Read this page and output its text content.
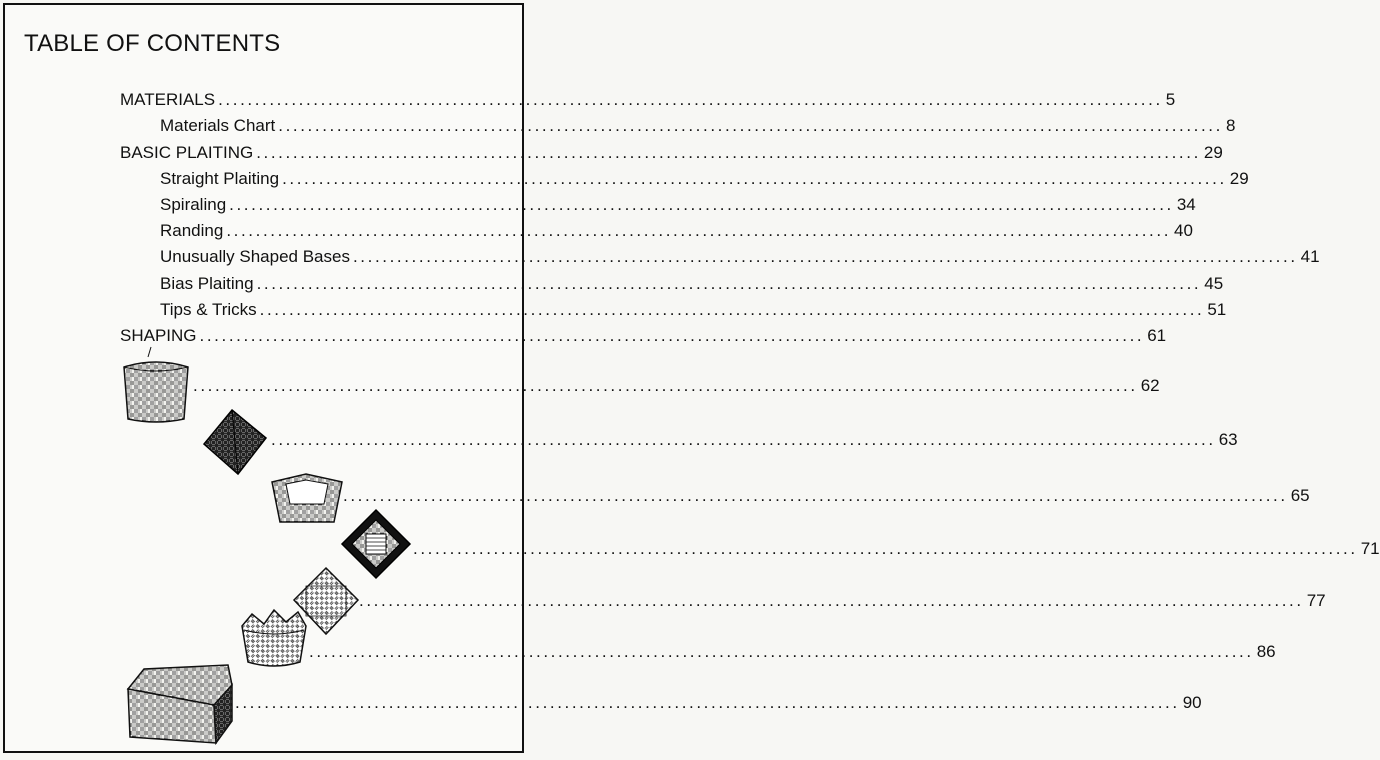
TABLE OF CONTENTS
MATERIALS ................................................................................................................................. 5
Materials Chart ................................................................................................................................. 8
BASIC PLAITING ................................................................................................................................. 29
Straight Plaiting ................................................................................................................................. 29
Spiraling ................................................................................................................................. 34
Randing ................................................................................................................................. 40
Unusually Shaped Bases ................................................................................................................................. 41
Bias Plaiting ................................................................................................................................. 45
Tips & Tricks ................................................................................................................................. 51
SHAPING ................................................................................................................................. 61
................................................................................................................................. 62
................................................................................................................................. 63
................................................................................................................................. 65
................................................................................................................................. 71
................................................................................................................................. 77
................................................................................................................................. 86
................................................................................................................................. 90
